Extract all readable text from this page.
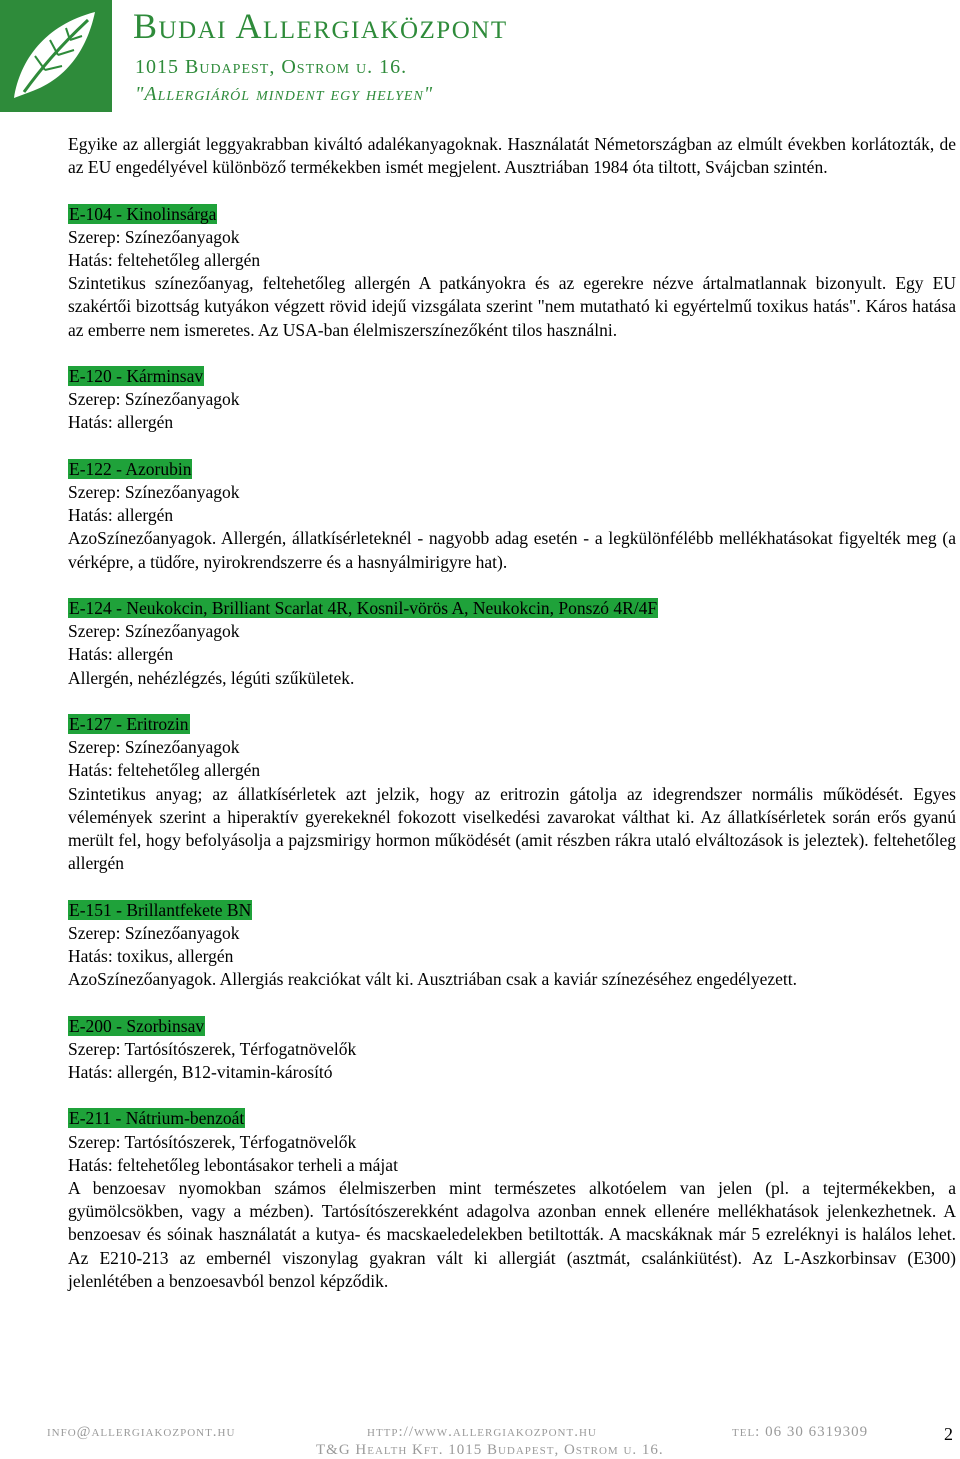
Budai Allergiaközpont
1015 Budapest, Ostrom u. 16.
"Allergiáról mindent egy helyen"

Egyike az allergiát leggyakrabban kiváltó adalékanyagoknak. Használatát Németországban az elmúlt években korlátozták, de az EU engedélyével különböző termékekben ismét megjelent. Ausztriában 1984 óta tiltott, Svájcban szintén.

E-104 - Kinolinsárga

Szerep: Színezőanyagok

Hatás: feltehetőleg allergén

Szintetikus színezőanyag, feltehetőleg allergén A patkányokra és az egerekre nézve ártalmatlannak bizonyult. Egy EU szakértői bizottság kutyákon végzett rövid idejű vizsgálata szerint "nem mutatható ki egyértelmű toxikus hatás". Káros hatása az emberre nem ismeretes. Az USA-ban élelmiszerszínezőként tilos használni.

E-120 - Kárminsav

Szerep: Színezőanyagok

Hatás: allergén

E-122 - Azorubin

Szerep: Színezőanyagok

Hatás: allergén

AzoSzínezőanyagok. Allergén, állatkísérleteknél - nagyobb adag esetén - a legkülönfélébb mellékhatásokat figyelték meg (a vérképre, a tüdőre, nyirokrendszerre és a hasnyálmirigyre hat).

E-124 - Neukokcin, Brilliant Scarlat 4R, Kosnil-vörös A, Neukokcin, Ponszó 4R/4F

Szerep: Színezőanyagok

Hatás: allergén

Allergén, nehézlégzés, légúti szűkületek.

E-127 - Eritrozin

Szerep: Színezőanyagok

Hatás: feltehetőleg allergén

Szintetikus anyag; az állatkísérletek azt jelzik, hogy az eritrozin gátolja az idegrendszer normális működését. Egyes vélemények szerint a hiperaktív gyerekeknél fokozott viselkedési zavarokat válthat ki. Az állatkísérletek során erős gyanú merült fel, hogy befolyásolja a pajzsmirigy hormon működését (amit részben rákra utaló elváltozások is jeleztek). feltehetőleg allergén

E-151 - Brillantfekete BN

Szerep: Színezőanyagok

Hatás: toxikus, allergén

AzoSzínezőanyagok. Allergiás reakciókat vált ki. Ausztriában csak a kaviár színezéséhez engedélyezett.

E-200 - Szorbinsav

Szerep: Tartósítószerek, Térfogatnövelők

Hatás: allergén, B12-vitamin-károsító

E-211 - Nátrium-benzoát

Szerep: Tartósítószerek, Térfogatnövelők

Hatás: feltehetőleg lebontásakor terheli a májat

A benzoesav nyomokban számos élelmiszerben mint természetes alkotóelem van jelen (pl. a tejtermékekben, a gyümölcsökben, vagy a mézben). Tartósítószerekként adagolva azonban ennek ellenére mellékhatások jelenkezhetnek. A benzoesav és sóinak használatát a kutya- és macskaeledelekben betiltották. A macskáknak már 5 ezreléknyi is halálos lehet. Az E210-213 az embernél viszonylag gyakran vált ki allergiát (asztmát, csalánkiütést). Az L-Aszkorbinsav (E300) jelenlétében a benzoesavból benzol képződik.

info@allergiakozpont.hu	http://www.allergiakozpont.hu	tel: 06 30 6319309
T&G Health Kft. 1015 Budapest, Ostrom u. 16.
2
